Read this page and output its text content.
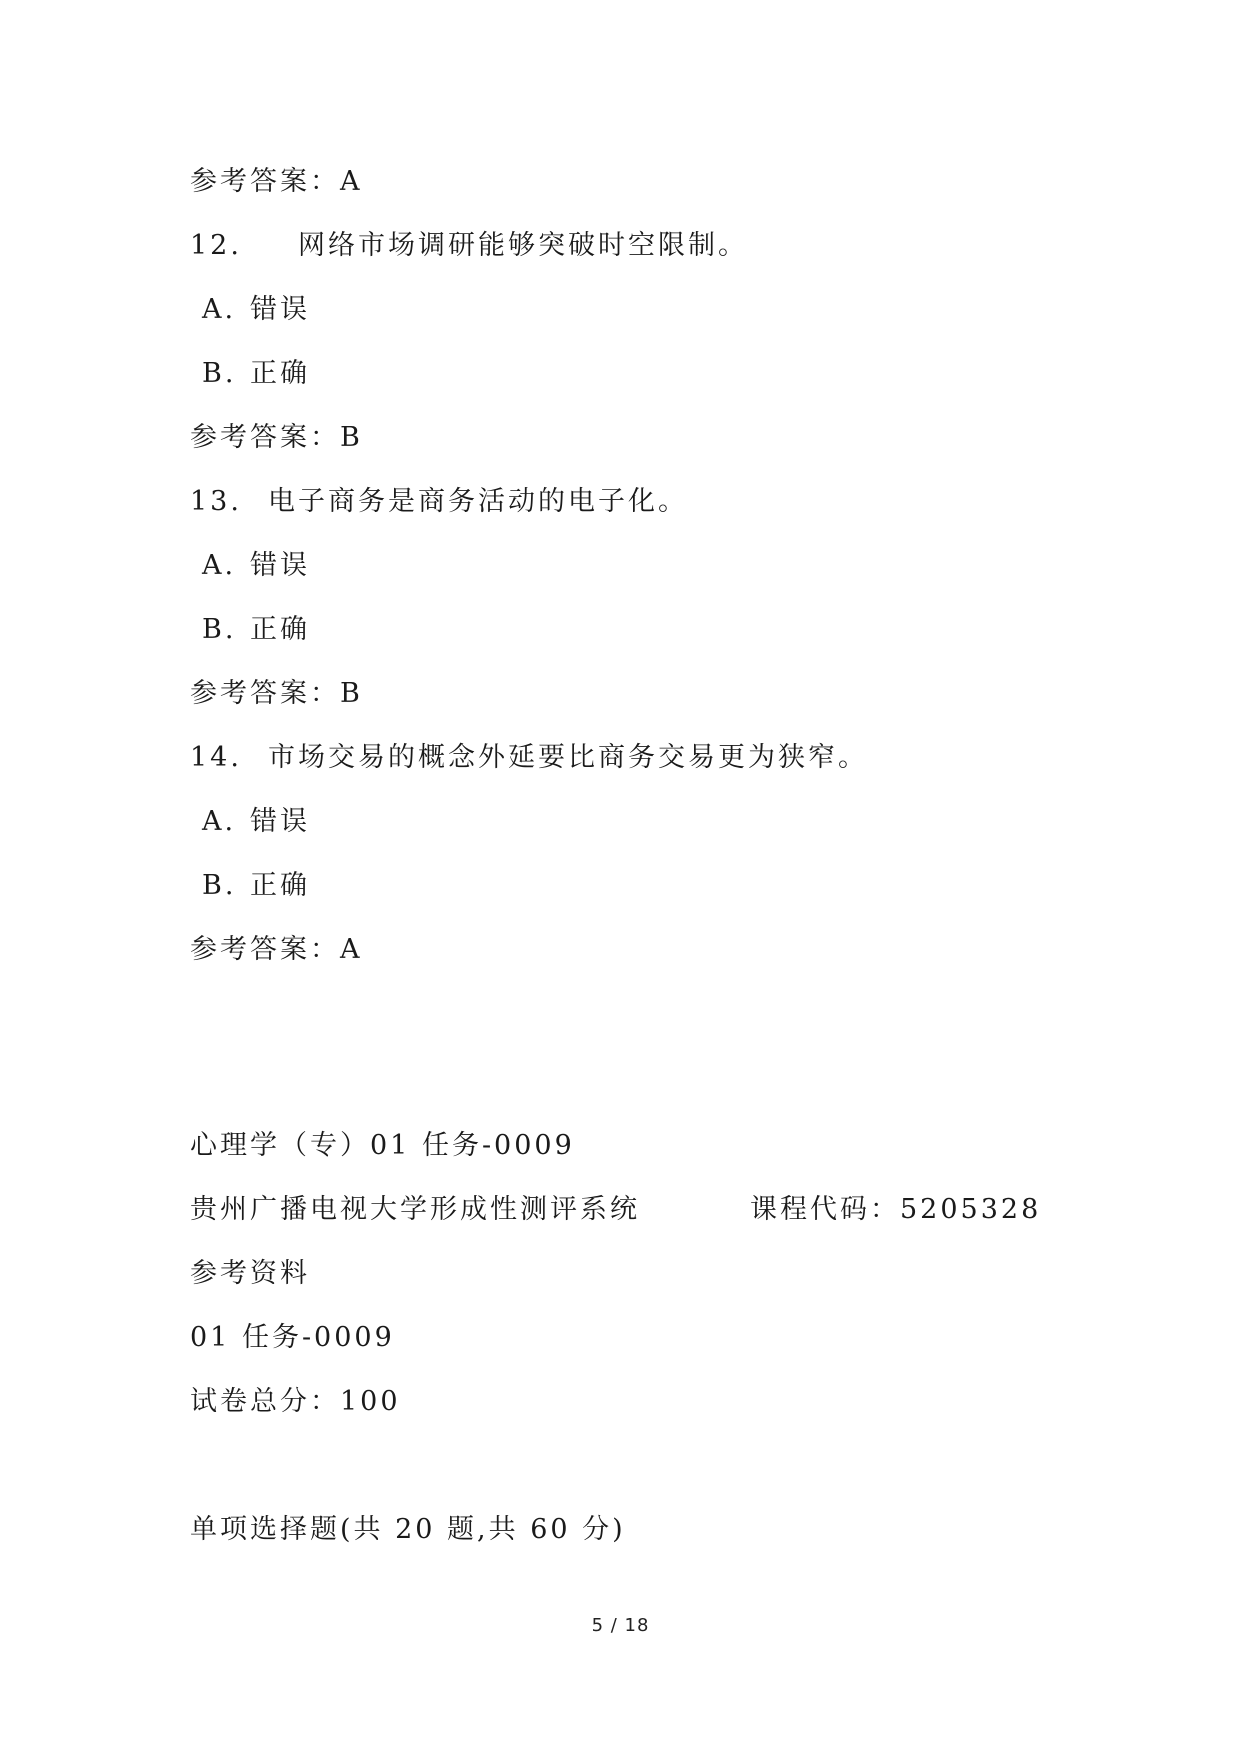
参考答案：A
12. 网络市场调研能够突破时空限制。
A. 错误
B. 正确
参考答案：B
13. 电子商务是商务活动的电子化。
A. 错误
B. 正确
参考答案：B
14. 市场交易的概念外延要比商务交易更为狭窄。
A. 错误
B. 正确
参考答案：A
心理学（专）01 任务-0009
贵州广播电视大学形成性测评系统	课程代码：5205328
参考资料
01 任务-0009
试卷总分：100
单项选择题(共 20 题,共 60 分)
5 / 18
